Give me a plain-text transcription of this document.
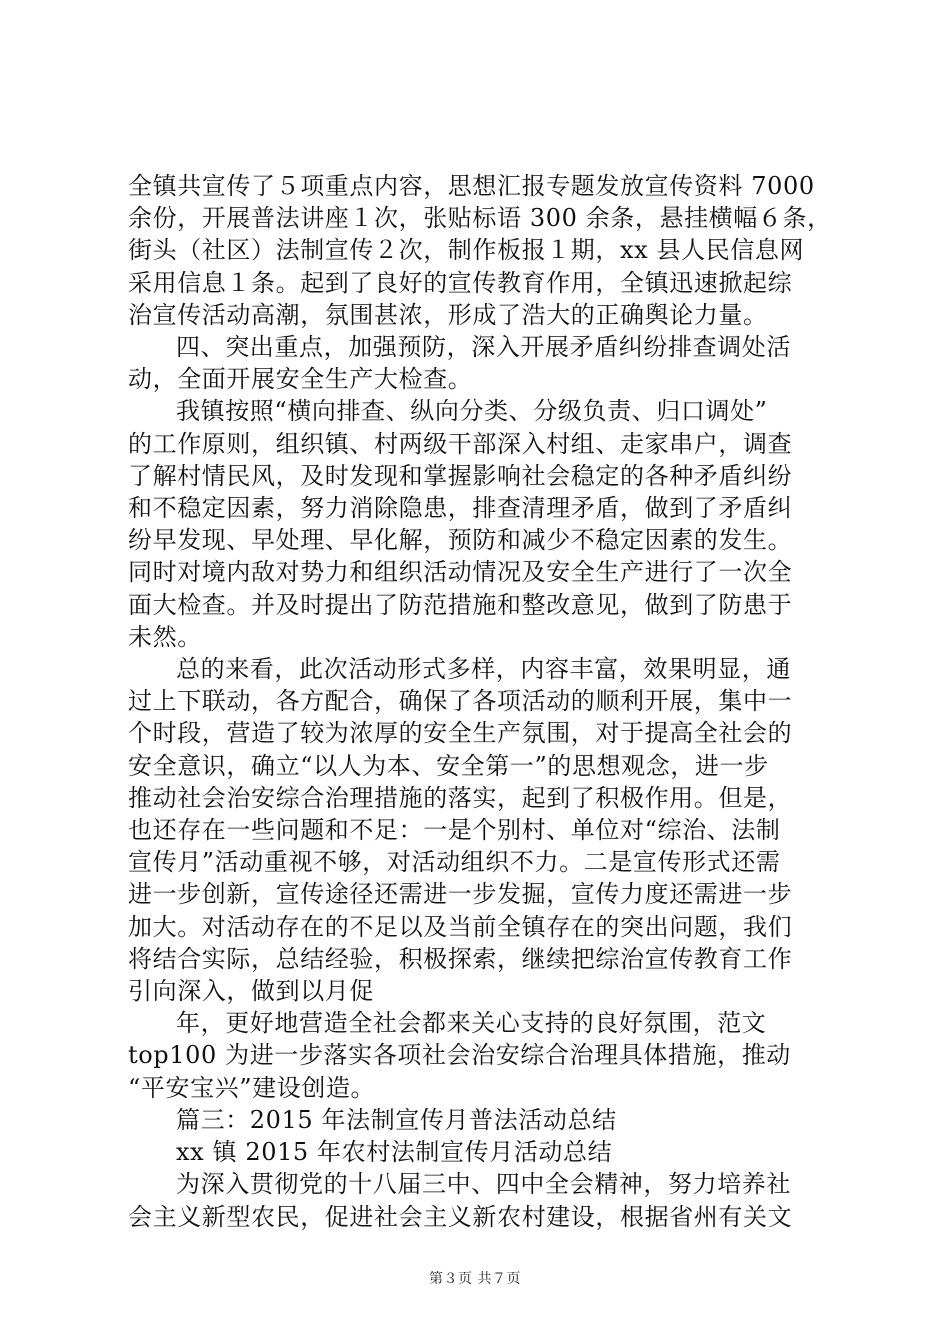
全镇共宣传了５项重点内容，思想汇报专题发放宣传资料 7000
余份，开展普法讲座１次，张贴标语 300 余条，悬挂横幅６条，
街头（社区）法制宣传２次，制作板报１期，xx 县人民信息网
采用信息１条。起到了良好的宣传教育作用，全镇迅速掀起综
治宣传活动高潮，氛围甚浓，形成了浩大的正确舆论力量。
四、突出重点，加强预防，深入开展矛盾纠纷排查调处活
动，全面开展安全生产大检查。
我镇按照“横向排查、纵向分类、分级负责、归口调处”
的工作原则，组织镇、村两级干部深入村组、走家串户，调查
了解村情民风，及时发现和掌握影响社会稳定的各种矛盾纠纷
和不稳定因素，努力消除隐患，排查清理矛盾，做到了矛盾纠
纷早发现、早处理、早化解，预防和减少不稳定因素的发生。
同时对境内敌对势力和组织活动情况及安全生产进行了一次全
面大检查。并及时提出了防范措施和整改意见，做到了防患于
未然。
总的来看，此次活动形式多样，内容丰富，效果明显，通
过上下联动，各方配合，确保了各项活动的顺利开展，集中一
个时段，营造了较为浓厚的安全生产氛围，对于提高全社会的
安全意识，确立“以人为本、安全第一”的思想观念，进一步
推动社会治安综合治理措施的落实，起到了积极作用。但是，
也还存在一些问题和不足：一是个别村、单位对“综治、法制
宣传月”活动重视不够，对活动组织不力。二是宣传形式还需
进一步创新，宣传途径还需进一步发掘，宣传力度还需进一步
加大。对活动存在的不足以及当前全镇存在的突出问题，我们
将结合实际，总结经验，积极探索，继续把综治宣传教育工作
引向深入，做到以月促
年，更好地营造全社会都来关心支持的良好氛围，范文
top100 为进一步落实各项社会治安综合治理具体措施，推动
“平安宝兴”建设创造。
篇三：2015 年法制宣传月普法活动总结
xx 镇 2015 年农村法制宣传月活动总结
为深入贯彻党的十八届三中、四中全会精神，努力培养社
会主义新型农民，促进社会主义新农村建设，根据省州有关文
第３页 共７页
